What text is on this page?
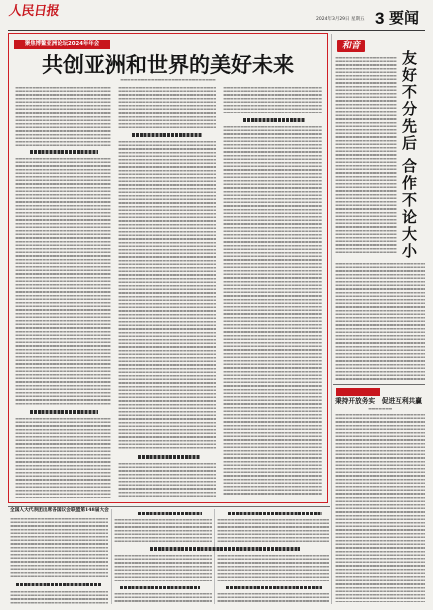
人民日报
2024年3月29日 星期五 3 要闻
聚焦博鳌亚洲论坛2024年年会
共创亚洲和世界的美好未来
和音
友好不分先后
合作不论大小
秉持开放务实　促进互利共赢
全国人大代表团出席各国议会联盟第148届大会
